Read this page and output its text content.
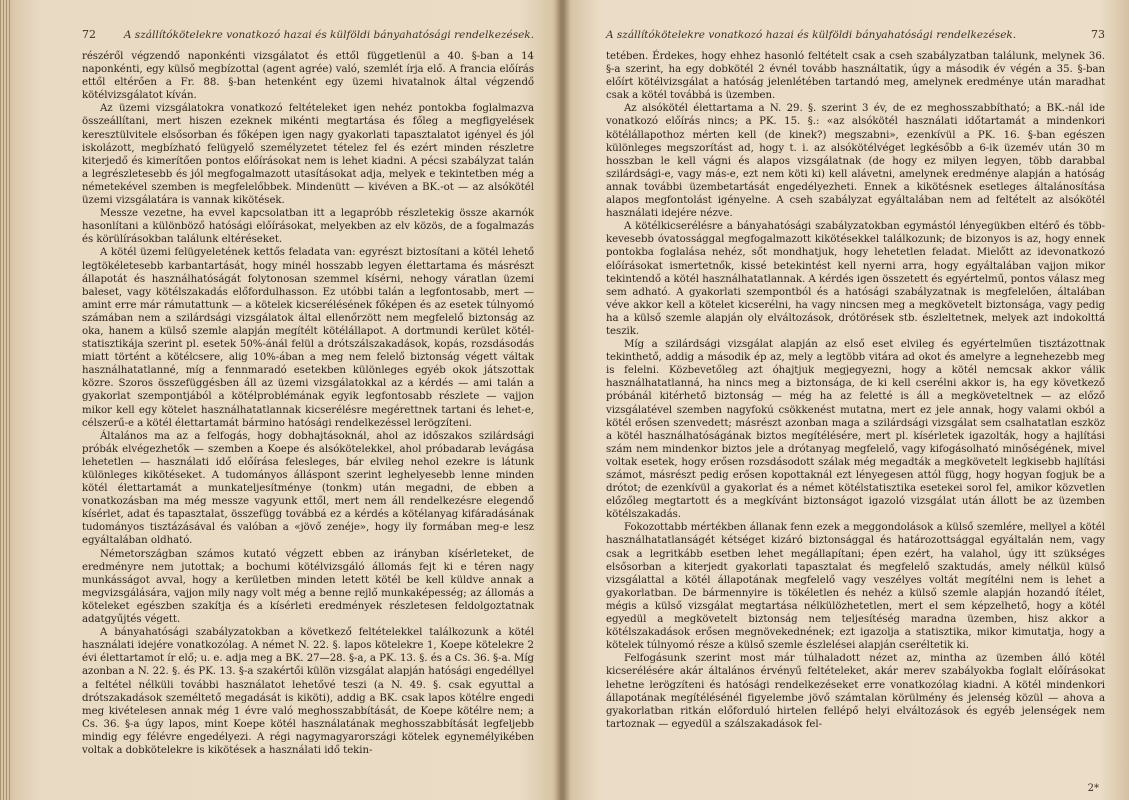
72	A szállítókötelekre vonatkozó hazai és külföldi bányahatósági rendelkezések.

részéről végzendő naponkénti vizsgálatot és ettől függetlenül a 40. §-ban a 14 naponkénti, egy külső megbízottal (agent agrée) való, szemlét írja elő. A francia előírás ettől eltérően a Fr. 88. §-ban hetenként egy üzemi hivatalnok által végzendő kötélvizsgálatot kíván.

Az üzemi vizsgálatokra vonatkozó feltételeket igen nehéz pontokba foglalmazva összeállítani, mert hiszen ezeknek mikénti megtartása és főleg a megfigyelések keresztülvitele elsősorban és főképen igen nagy gyakorlati tapasztalatot igényel és jól iskolázott, megbízható felügyelő személyzetet tételez fel és ezért minden részletre kiterjedő és kimerítően pontos előírásokat nem is lehet kiadni. A pécsi szabályzat talán a legrészletesebb és jól megfogalmazott utasításokat adja, melyek e tekintetben még a németekével szemben is megfelelőbbek. Mindenütt — kivéven a BK.-ot — az alsókötél üzemi vizsgálatára is vannak kikötések.

Messze vezetne, ha evvel kapcsolatban itt a legapróbb részletekig össze akarnók hasonlítani a különböző hatósági előírásokat, melyekben az elv közös, de a fogalmazás és körülírásokban találunk eltéréseket.

A kötél üzemi felügyeletének kettős feladata van: egyrészt biztosítani a kötél lehető legtökéletesebb karbantartását, hogy minél hosszabb legyen élettartama és másrészt állapotát és használhatóságát folytonosan szemmel kísérni, nehogy váratlan üzemi baleset, vagy kötélszakadás előfordulhasson. Ez utóbbi talán a legfontosabb, mert — amint erre már rámutattunk — a kötelek kicserélésének főképen és az esetek túlnyomó számában nem a szilárdsági vizsgálatok által ellenőrzött nem megfelelő biztonság az oka, hanem a külső szemle alapján megítélt kötélállapot. A dortmundi kerület kötél-statisztikája szerint pl. esetek 50%-ánál felül a drótszálszakadások, kopás, rozsdásodás miatt történt a kötélcsere, alig 10%-ában a meg nem felelő biztonság végett váltak használhatatlanné, míg a fennmaradó esetekben különleges egyéb okok játszottak közre. Szoros összefüggésben áll az üzemi vizsgálatokkal az a kérdés — ami talán a gyakorlat szempontjából a kötélproblémának egyik legfontosabb részlete — vajjon mikor kell egy kötelet használhatatlannak kicserélésre megérettnek tartani és lehet-e, célszerű-e a kötél élettartamát bármino hatósági rendelkezéssel lerögzíteni.

Általános ma az a felfogás, hogy dobhajtásoknál, ahol az időszakos szilárdsági próbák elvégezhetők — szemben a Koepe és alsókötelekkel, ahol próbadarab levágása lehetetlen — használati idő előírása felesleges, bár elvileg nehol ezekre is látunk különleges kikötéseket. A tudományos álláspont szerint leghelyesebb lenne minden kötél élettartamát a munkateljesítménye (tonkm) után megadni, de ebben a vonatkozásban ma még messze vagyunk ettől, mert nem áll rendelkezésre elegendő kísérlet, adat és tapasztalat, összefügg továbbá ez a kérdés a kötélanyag kifáradásának tudományos tisztázásával és valóban a «jövő zenéje», hogy ily formában meg-e lesz egyáltalában oldható.

Németországban számos kutató végzett ebben az irányban kísérleteket, de eredményre nem jutottak; a bochumi kötélvizsgáló állomás fejt ki e téren nagy munkásságot avval, hogy a kerületben minden letett kötél be kell küldve annak a megvizsgálására, vajjon mily nagy volt még a benne rejlő munkaképesség; az állomás a köteleket egészben szakítja és a kísérleti eredmények részletesen feldolgoztatnak adatgyűjtés végett.

A bányahatósági szabályzatokban a következő feltételekkel találkozunk a kötél használati idejére vonatkozólag. A német N. 22. §. lapos kötelekre 1, Koepe kötelekre 2 évi élettartamot ír elő; u. e. adja meg a BK. 27—28. §-a, a PK. 13. §. és a Cs. 36. §-a. Míg azonban a N. 22. §. és PK. 13. §-a szakértői külön vizsgálat alapján hatósági engedéllyel a feltétel nélküli további használatot lehetővé teszi (a N. 49. §. csak egyuttal a drótszakadások személtető megadását is kiköti), addig a BK. csak lapos kötélre engedi meg kivételesen annak még 1 évre való meghosszabbítását, de Koepe kötélre nem; a Cs. 36. §-a úgy lapos, mint Koepe kötél használatának meghosszabbítását legfeljebb mindig egy félévre engedélyezi. A régi nagymagyarországi kötelek egynemélyikében voltak a dobkötelekre is kikötések a használati idő tekin-

A szállítókötelekre vonatkozó hazai és külföldi bányahatósági rendelkezések.	73

tetében. Érdekes, hogy ehhez hasonló feltételt csak a cseh szabályzatban találunk, melynek 36. §-a szerint, ha egy dobkötél 2 évnél tovább használtatik, úgy a második év végén a 35. §-ban előírt kötélvizsgálat a hatóság jelenlétében tartandó meg, amelynek eredménye után maradhat csak a kötél továbbá is üzemben.

Az alsókötél élettartama a N. 29. §. szerint 3 év, de ez meghosszabbítható; a BK.-nál ide vonatkozó előírás nincs; a PK. 15. §.: «az alsókötél használati időtartamát a mindenkori kötélállapothoz mérten kell (de kinek?) megszabni», ezenkívül a PK. 16. §-ban egészen különleges megszorítást ad, hogy t. i. az alsókötélvéget legkésőbb a 6-ik üzemév után 30 m hosszban le kell vágni és alapos vizsgálatnak (de hogy ez milyen legyen, több darabbal szilárdsági-e, vagy más-e, ezt nem köti ki) kell alávetni, amelynek eredménye alapján a hatóság annak további üzembetartását engedélyezheti. Ennek a kikötésnek esetleges általánosítása alapos megfontolást igényelne. A cseh szabályzat egyáltalában nem ad feltételt az alsókötél használati idejére nézve.

A kötélkicserélésre a bányahatósági szabályzatokban egymástól lényegükben eltérő és több-kevesebb óvatossággal megfogalmazott kikötésekkel találkozunk; de bizonyos is az, hogy ennek pontokba foglalása nehéz, sőt mondhatjuk, hogy lehetetlen feladat. Mielőtt az idevonatkozó előírásokat ismertetnők, kissé betekintést kell nyerni arra, hogy egyáltalában vajjon mikor tekintendő a kötél használhatatlannak. A kérdés igen összetett és egyértelmű, pontos válasz meg sem adható. A gyakorlati szempontból és a hatósági szabályzatnak is megfelelően, általában véve akkor kell a kötelet kicserélni, ha vagy nincsen meg a megkövetelt biztonsága, vagy pedig ha a külső szemle alapján oly elváltozások, drótörések stb. észleltetnek, melyek azt indokolttá teszik.

Míg a szilárdsági vizsgálat alapján az első eset elvileg és egyértelműen tisztázottnak tekinthető, addig a második ép az, mely a legtöbb vitára ad okot és amelyre a legnehezebb meg is felelni. Közbevetőleg azt óhajtjuk megjegyezni, hogy a kötél nemcsak akkor válik használhatatlanná, ha nincs meg a biztonsága, de ki kell cserélni akkor is, ha egy következő próbánál kitérhető biztonság — még ha az feletté is áll a megköveteltnek — az előző vizsgálatével szemben nagyfokú csökkenést mutatna, mert ez jele annak, hogy valami okból a kötél erősen szenvedett; másrészt azonban maga a szilárdsági vizsgálat sem csalhatatlan eszköz a kötél használhatóságának biztos megítélésére, mert pl. kísérletek igazolták, hogy a hajlítási szám nem mindenkor biztos jele a drótanyag megfelelő, vagy kifogásolható minőségének, mivel voltak esetek, hogy erősen rozsdásodott szálak még megadták a megkövetelt legkisebb hajlítási számot, másrészt pedig erősen kopottaknál ezt lényegesen attól függ, hogy hogyan fogjuk be a drótot; de ezenkívül a gyakorlat és a német kötélstatisztika esetekei sorol fel, amikor közvetlen előzőleg megtartott és a megkívánt biztonságot igazoló vizsgálat után állott be az üzemben kötélszakadás.

Fokozottabb mértékben állanak fenn ezek a meggondolások a külső szemlére, mellyel a kötél használhatatlanságét kétséget kizáró biztonsággal és határozottsággal egyáltalán nem, vagy csak a legritkább esetben lehet megállapítani; épen ezért, ha valahol, úgy itt szükséges elsősorban a kiterjedt gyakorlati tapasztalat és megfelelő szaktudás, amely nélkül külső vizsgálattal a kötél állapotának megfelelő vagy veszélyes voltát megítélni nem is lehet a gyakorlatban. De bármennyire is tökéletlen és nehéz a külső szemle alapján hozandó ítélet, mégis a külső vizsgálat megtartása nélkülözhetetlen, mert el sem képzelhető, hogy a kötél egyedül a megkövetelt biztonság nem teljesítéség maradna üzemben, hisz akkor a kötélszakadások erősen megnövekednének; ezt igazolja a statisztika, mikor kimutatja, hogy a kötelek túlnyomó része a külső szemle észlelései alapján cseréltetik ki.

Felfogásunk szerint most már túlhaladott nézet az, mintha az üzemben álló kötél kicserélésére akár általános érvényű feltételeket, akár merev szabályokba foglalt előírásokat lehetne lerögzíteni és hatósági rendelkezéseket erre vonatkozólag kiadni. A kötél mindenkori állapotának megítélésénél figyelembe jövő számtalan körülmény és jelenség közül — ahova a gyakorlatban ritkán előforduló hirtelen fellépő helyi elváltozások és egyéb jelenségek nem tartoznak — egyedül a szálszakadások fel-

2*
